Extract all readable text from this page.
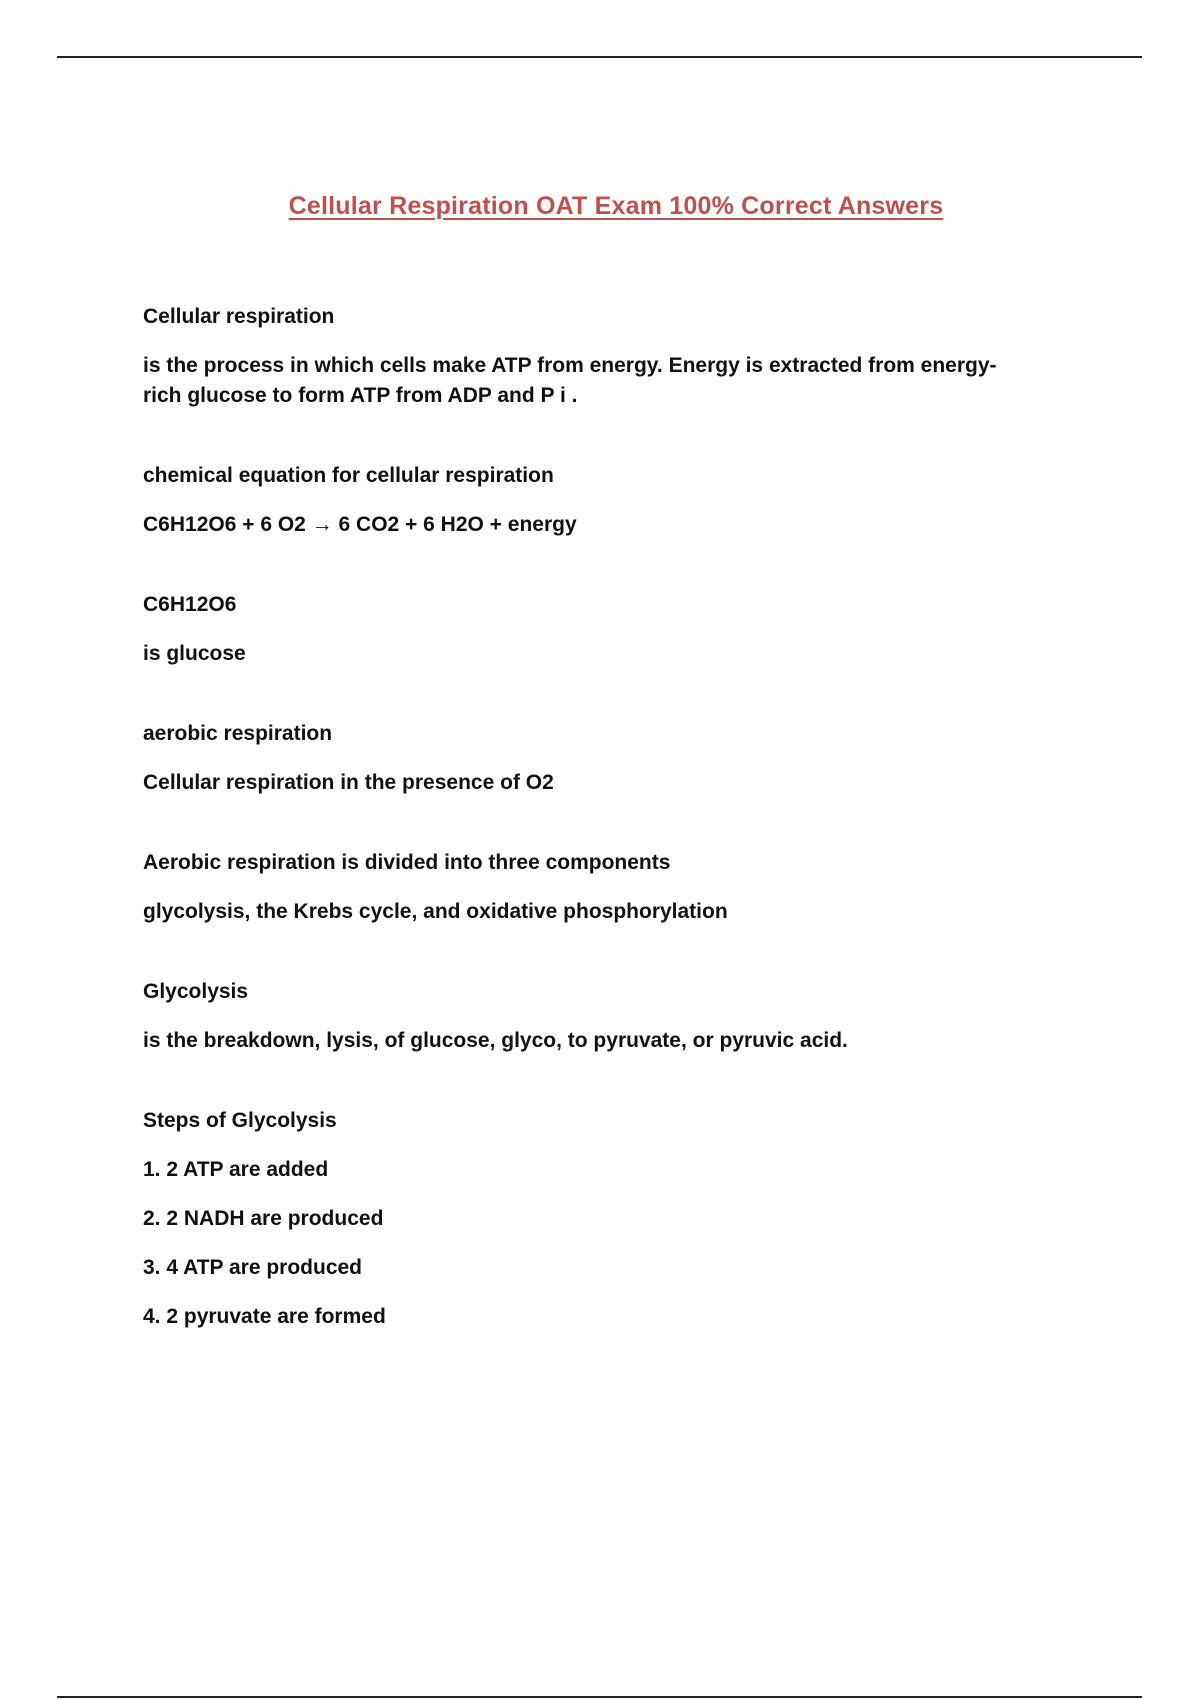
Cellular Respiration OAT Exam 100% Correct Answers
Cellular respiration
is the process in which cells make ATP from energy. Energy is extracted from energy-rich glucose to form ATP from ADP and P i .
chemical equation for cellular respiration
C6H12O6 + 6 O2 → 6 CO2 + 6 H2O + energy
C6H12O6
is glucose
aerobic respiration
Cellular respiration in the presence of O2
Aerobic respiration is divided into three components
glycolysis, the Krebs cycle, and oxidative phosphorylation
Glycolysis
is the breakdown, lysis, of glucose, glyco, to pyruvate, or pyruvic acid.
Steps of Glycolysis
1. 2 ATP are added
2. 2 NADH are produced
3. 4 ATP are produced
4. 2 pyruvate are formed
